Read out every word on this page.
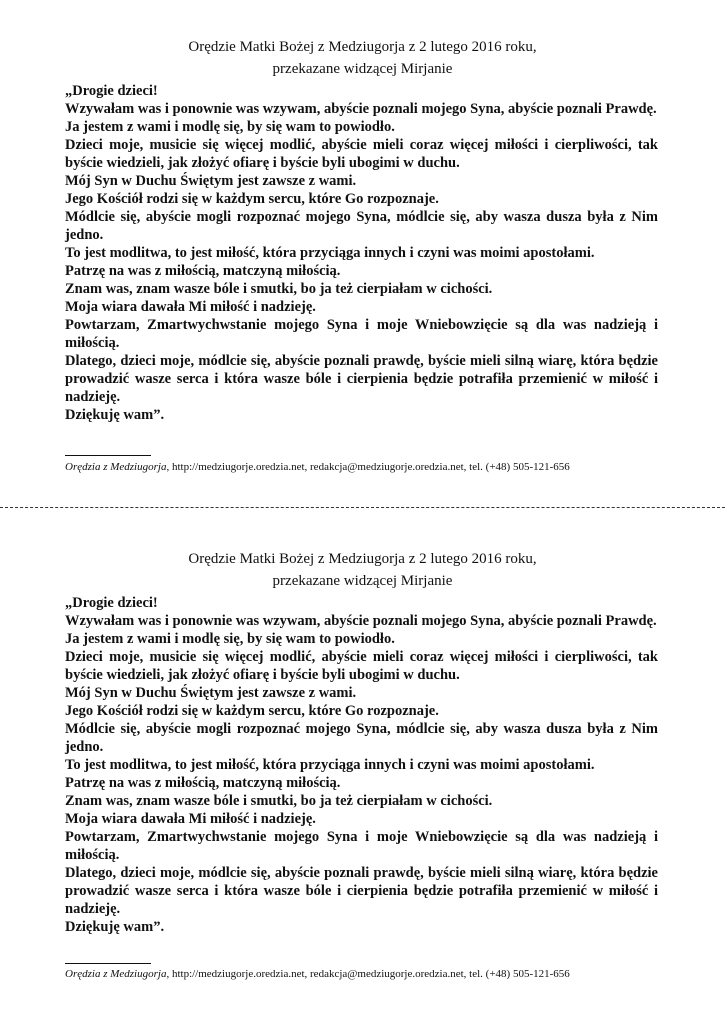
Orędzie Matki Bożej z Medziugorja z 2 lutego 2016 roku,
przekazane widzącej Mirjanie

„Drogie dzieci!

Wzywałam was i ponownie was wzywam, abyście poznali mojego Syna, abyście poznali Prawdę.

Ja jestem z wami i modlę się, by się wam to powiodło.

Dzieci moje, musicie się więcej modlić, abyście mieli coraz więcej miłości i cierpliwości, tak byście wiedzieli, jak złożyć ofiarę i byście byli ubogimi w duchu.

Mój Syn w Duchu Świętym jest zawsze z wami.

Jego Kościół rodzi się w każdym sercu, które Go rozpoznaje.

Módlcie się, abyście mogli rozpoznać mojego Syna, módlcie się, aby wasza dusza była z Nim jedno.

To jest modlitwa, to jest miłość, która przyciąga innych i czyni was moimi apostołami.

Patrzę na was z miłością, matczyną miłością.

Znam was, znam wasze bóle i smutki, bo ja też cierpiałam w cichości.

Moja wiara dawała Mi miłość i nadzieję.

Powtarzam, Zmartwychwstanie mojego Syna i moje Wniebowzięcie są dla was nadzieją i miłością.

Dlatego, dzieci moje, módlcie się, abyście poznali prawdę, byście mieli silną wiarę, która będzie prowadzić wasze serca i która wasze bóle i cierpienia będzie potrafiła przemienić w miłość i nadzieję.

Dziękuję wam”.

Orędzia z Medziugorja, http://medziugorje.oredzia.net, redakcja@medziugorje.oredzia.net, tel. (+48) 505-121-656
Orędzie Matki Bożej z Medziugorja z 2 lutego 2016 roku,
przekazane widzącej Mirjanie

„Drogie dzieci!

Wzywałam was i ponownie was wzywam, abyście poznali mojego Syna, abyście poznali Prawdę.

Ja jestem z wami i modlę się, by się wam to powiodło.

Dzieci moje, musicie się więcej modlić, abyście mieli coraz więcej miłości i cierpliwości, tak byście wiedzieli, jak złożyć ofiarę i byście byli ubogimi w duchu.

Mój Syn w Duchu Świętym jest zawsze z wami.

Jego Kościół rodzi się w każdym sercu, które Go rozpoznaje.

Módlcie się, abyście mogli rozpoznać mojego Syna, módlcie się, aby wasza dusza była z Nim jedno.

To jest modlitwa, to jest miłość, która przyciąga innych i czyni was moimi apostołami.

Patrzę na was z miłością, matczyną miłością.

Znam was, znam wasze bóle i smutki, bo ja też cierpiałam w cichości.

Moja wiara dawała Mi miłość i nadzieję.

Powtarzam, Zmartwychwstanie mojego Syna i moje Wniebowzięcie są dla was nadzieją i miłością.

Dlatego, dzieci moje, módlcie się, abyście poznali prawdę, byście mieli silną wiarę, która będzie prowadzić wasze serca i która wasze bóle i cierpienia będzie potrafiła przemienić w miłość i nadzieję.

Dziękuję wam”.

Orędzia z Medziugorja, http://medziugorje.oredzia.net, redakcja@medziugorje.oredzia.net, tel. (+48) 505-121-656
